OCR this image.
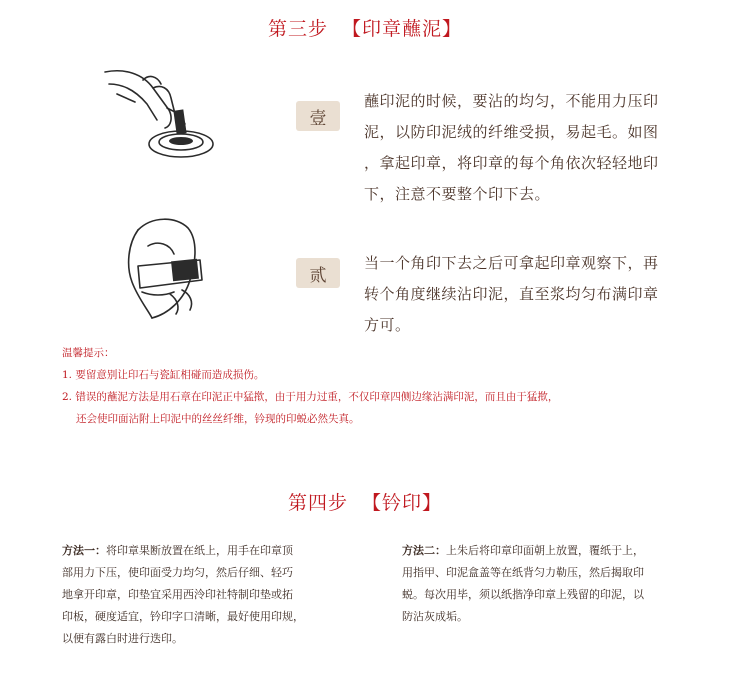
第三步 【印章蘸泥】
壹
蘸印泥的时候，要沾的均匀，不能用力压印
泥，以防印泥绒的纤维受损，易起毛。如图
，拿起印章，将印章的每个角依次轻轻地印
下，注意不要整个印下去。
贰
当一个角印下去之后可拿起印章观察下，再
转个角度继续沾印泥，直至浆均匀布满印章
方可。
温馨提示：
1. 要留意别让印石与瓷缸相碰而造成损伤。
2. 错误的蘸泥方法是用石章在印泥正中猛揿，由于用力过重，不仅印章四侧边缘沾满印泥，而且由于猛揿，
还会使印面沾附上印泥中的丝丝纤维，钤现的印蜕必然失真。
第四步 【钤印】
方法一：将印章果断放置在纸上，用手在印章顶
部用力下压，使印面受力均匀，然后仔细、轻巧
地拿开印章，印垫宜采用西泠印社特制印垫或拓
印板，硬度适宜，钤印字口清晰，最好使用印规，
以便有露白时进行迭印。
方法二：上朱后将印章印面朝上放置，覆纸于上，
用指甲、印泥盒盖等在纸背匀力勒压，然后揭取印
蜕。每次用毕，须以纸揩净印章上残留的印泥，以
防沾灰成垢。
